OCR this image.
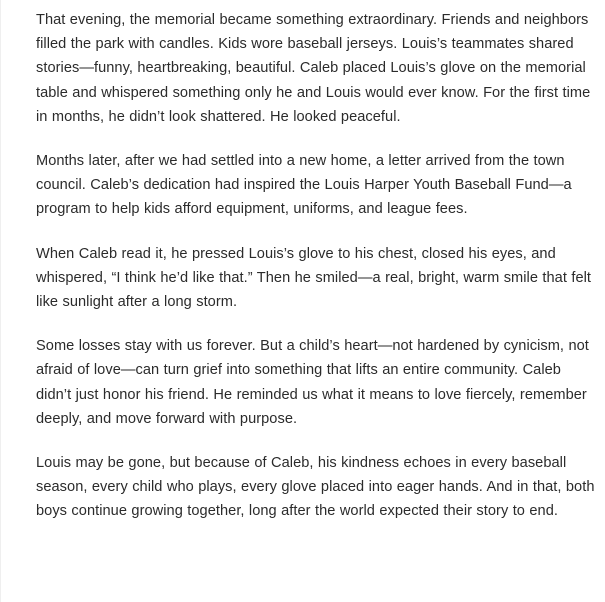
That evening, the memorial became something extraordinary. Friends and neighbors filled the park with candles. Kids wore baseball jerseys. Louis’s teammates shared stories—funny, heartbreaking, beautiful. Caleb placed Louis’s glove on the memorial table and whispered something only he and Louis would ever know. For the first time in months, he didn’t look shattered. He looked peaceful.

Months later, after we had settled into a new home, a letter arrived from the town council. Caleb’s dedication had inspired the Louis Harper Youth Baseball Fund—a program to help kids afford equipment, uniforms, and league fees.

When Caleb read it, he pressed Louis’s glove to his chest, closed his eyes, and whispered, “I think he’d like that.” Then he smiled—a real, bright, warm smile that felt like sunlight after a long storm.

Some losses stay with us forever. But a child’s heart—not hardened by cynicism, not afraid of love—can turn grief into something that lifts an entire community. Caleb didn’t just honor his friend. He reminded us what it means to love fiercely, remember deeply, and move forward with purpose.

Louis may be gone, but because of Caleb, his kindness echoes in every baseball season, every child who plays, every glove placed into eager hands. And in that, both boys continue growing together, long after the world expected their story to end.
